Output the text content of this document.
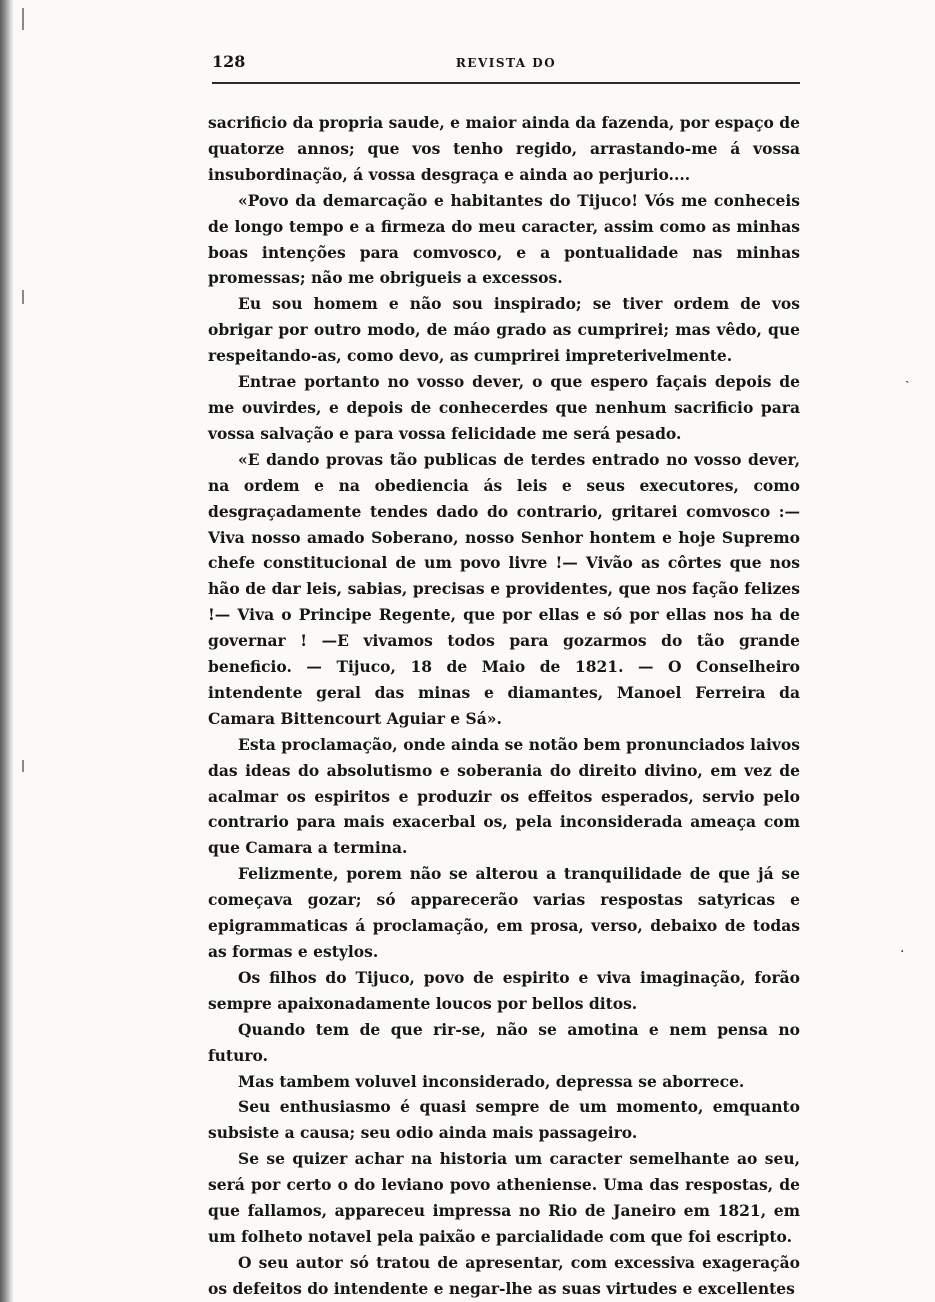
ˎ
·
128	REVISTA DO

sacrificio da propria saude, e maior ainda da fazenda, por espaço de quatorze annos; que vos tenho regido, arrastando-me á vossa insubordinação, á vossa desgraça e ainda ao perjurio....

«Povo da demarcação e habitantes do Tijuco! Vós me conheceis de longo tempo e a firmeza do meu caracter, assim como as minhas boas intenções para comvosco, e a pontualidade nas minhas promessas; não me obrigueis a excessos.

Eu sou homem e não sou inspirado; se tiver ordem de vos obrigar por outro modo, de máo grado as cumprirei; mas vêdo, que respeitando-as, como devo, as cumprirei impreterivelmente.

Entrae portanto no vosso dever, o que espero façais depois de me ouvirdes, e depois de conhecerdes que nenhum sacrificio para vossa salvação e para vossa felicidade me será pesado.

«E dando provas tão publicas de terdes entrado no vosso dever, na ordem e na obediencia ás leis e seus executores, como desgraçadamente tendes dado do contrario, gritarei comvosco :— Viva nosso amado Soberano, nosso Senhor hontem e hoje Supremo chefe constitucional de um povo livre !— Vivão as côrtes que nos hão de dar leis, sabias, precisas e providentes, que nos fação felizes !— Viva o Principe Regente, que por ellas e só por ellas nos ha de governar ! —E vivamos todos para gozarmos do tão grande beneficio. — Tijuco, 18 de Maio de 1821. — O Conselheiro intendente geral das minas e diamantes, Manoel Ferreira da Camara Bittencourt Aguiar e Sá».

Esta proclamação, onde ainda se notão bem pronunciados laivos das ideas do absolutismo e soberania do direito divino, em vez de acalmar os espiritos e produzir os effeitos esperados, servio pelo contrario para mais exacerbal os, pela inconsiderada ameaça com que Camara a termina.

Felizmente, porem não se alterou a tranquilidade de que já se começava gozar; só apparecerão varias respostas satyricas e epigrammaticas á proclamação, em prosa, verso, debaixo de todas as formas e estylos.

Os filhos do Tijuco, povo de espirito e viva imaginação, forão sempre apaixonadamente loucos por bellos ditos.

Quando tem de que rir-se, não se amotina e nem pensa no futuro.

Mas tambem voluvel inconsiderado, depressa se aborrece.

Seu enthusiasmo é quasi sempre de um momento, emquanto subsiste a causa; seu odio ainda mais passageiro.

Se se quizer achar na historia um caracter semelhante ao seu, será por certo o do leviano povo atheniense. Uma das respostas, de que fallamos, appareceu impressa no Rio de Janeiro em 1821, em um folheto notavel pela paixão e parcialidade com que foi escripto.

O seu autor só tratou de apresentar, com excessiva exageração os defeitos do intendente e negar-lhe as suas virtudes e excellentes
